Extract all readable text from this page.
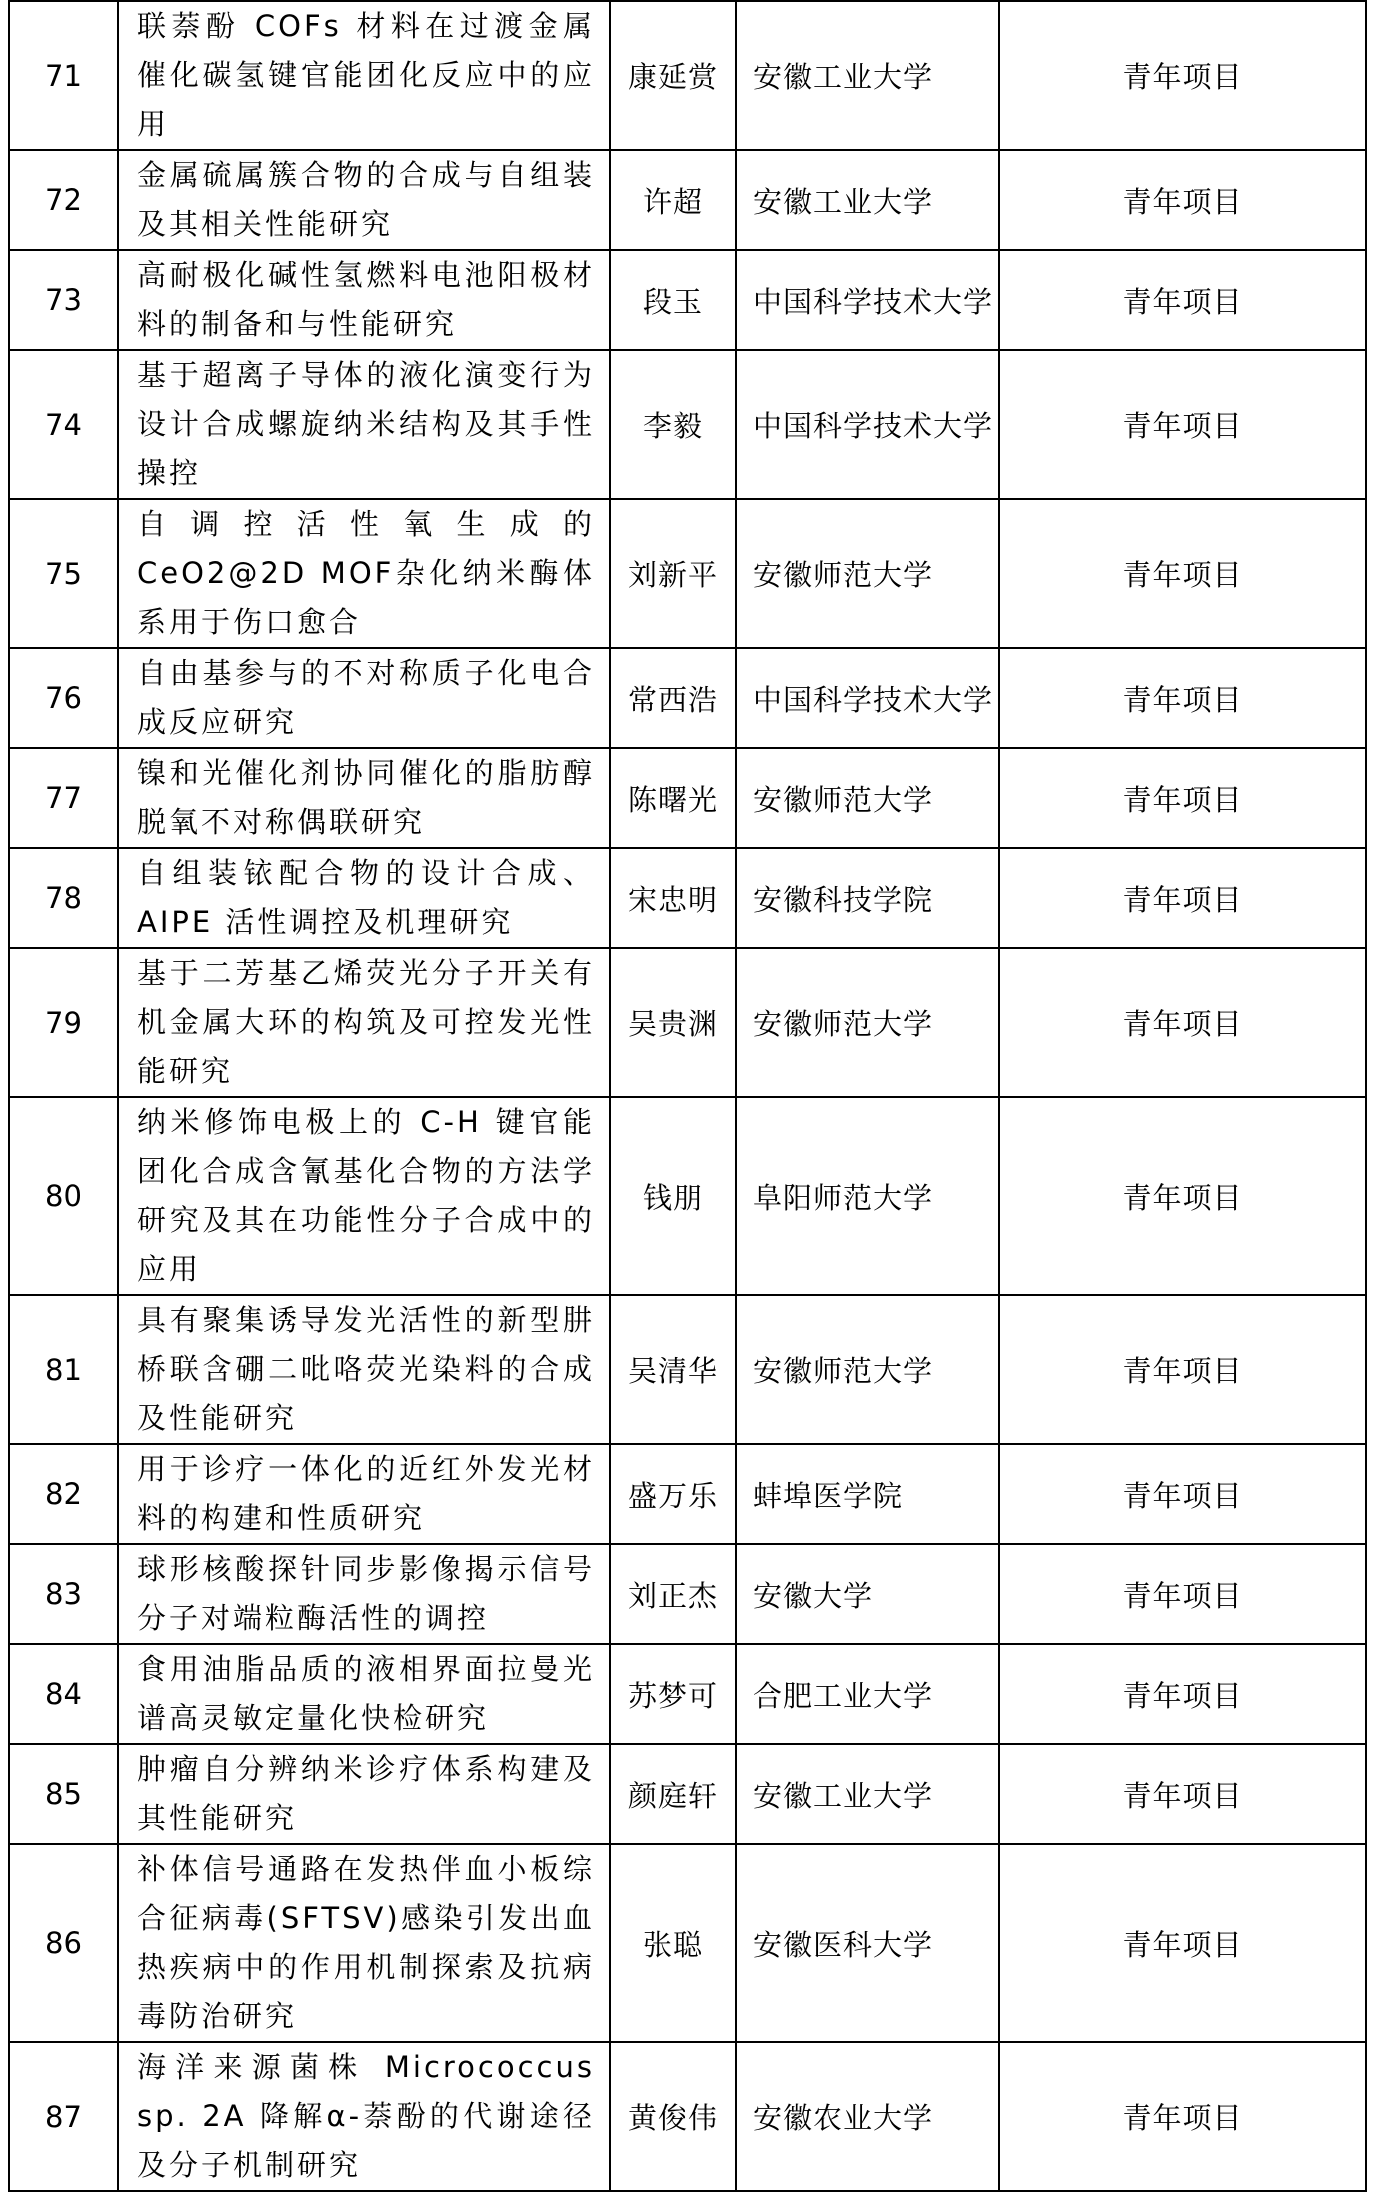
71	联萘酚 COFs 材料在过渡金属催化碳氢键官能团化反应中的应用	康延赏	安徽工业大学	青年项目
72	金属硫属簇合物的合成与自组装及其相关性能研究	许超	安徽工业大学	青年项目
73	高耐极化碱性氢燃料电池阳极材料的制备和与性能研究	段玉	中国科学技术大学	青年项目
74	基于超离子导体的液化演变行为设计合成螺旋纳米结构及其手性操控	李毅	中国科学技术大学	青年项目
75	自调控活性氧生成的CeO2@2D MOF杂化纳米酶体系用于伤口愈合	刘新平	安徽师范大学	青年项目
76	自由基参与的不对称质子化电合成反应研究	常西浩	中国科学技术大学	青年项目
77	镍和光催化剂协同催化的脂肪醇脱氧不对称偶联研究	陈曙光	安徽师范大学	青年项目
78	自组装铱配合物的设计合成、AIPE 活性调控及机理研究	宋忠明	安徽科技学院	青年项目
79	基于二芳基乙烯荧光分子开关有机金属大环的构筑及可控发光性能研究	吴贵渊	安徽师范大学	青年项目
80	纳米修饰电极上的 C-H 键官能团化合成含氰基化合物的方法学研究及其在功能性分子合成中的应用	钱朋	阜阳师范大学	青年项目
81	具有聚集诱导发光活性的新型肼桥联含硼二吡咯荧光染料的合成及性能研究	吴清华	安徽师范大学	青年项目
82	用于诊疗一体化的近红外发光材料的构建和性质研究	盛万乐	蚌埠医学院	青年项目
83	球形核酸探针同步影像揭示信号分子对端粒酶活性的调控	刘正杰	安徽大学	青年项目
84	食用油脂品质的液相界面拉曼光谱高灵敏定量化快检研究	苏梦可	合肥工业大学	青年项目
85	肿瘤自分辨纳米诊疗体系构建及其性能研究	颜庭轩	安徽工业大学	青年项目
86	补体信号通路在发热伴血小板综合征病毒(SFTSV)感染引发出血热疾病中的作用机制探索及抗病毒防治研究	张聪	安徽医科大学	青年项目
87	海洋来源菌株 Micrococcus sp. 2A 降解α-萘酚的代谢途径及分子机制研究	黄俊伟	安徽农业大学	青年项目
